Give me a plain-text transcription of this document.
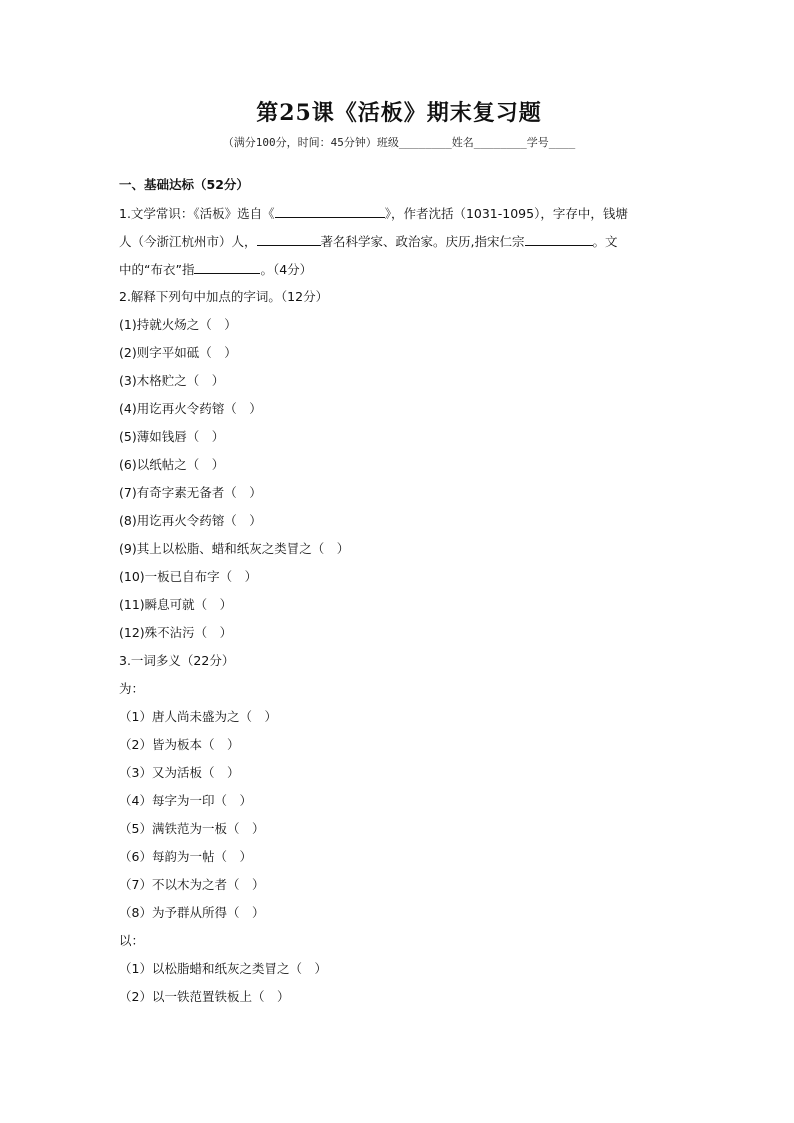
第25课《活板》期末复习题
（满分100分，时间：45分钟）班级________姓名________学号____
一、基础达标（52分）
1.文学常识：《活板》选自《	》，作者沈括（1031-1095），字存中，钱塘
人（今浙江杭州市）人，	著名科学家、政治家。庆历,指宋仁宗	。文
中的“布衣”指	。（4分）
2.解释下列句中加点的字词。（12分）
(1)持就火炀之（　）
(2)则字平如砥（　）
(3)木格贮之（　）
(4)用讫再火令药镕（　）
(5)薄如钱唇（　）
(6)以纸帖之（　）
(7)有奇字素无备者（　）
(8)用讫再火令药镕（　）
(9)其上以松脂、蜡和纸灰之类冒之（　）
(10)一板已自布字（　）
(11)瞬息可就（　）
(12)殊不沾污（　）
3.一词多义（22分）
为：
（1）唐人尚未盛为之（　）
（2）皆为板本（　）
（3）又为活板（　）
（4）每字为一印（　）
（5）满铁范为一板（　）
（6）每韵为一帖（　）
（7）不以木为之者（　）
（8）为予群从所得（　）
以：
（1）以松脂蜡和纸灰之类冒之（　）
（2）以一铁范置铁板上（　）
